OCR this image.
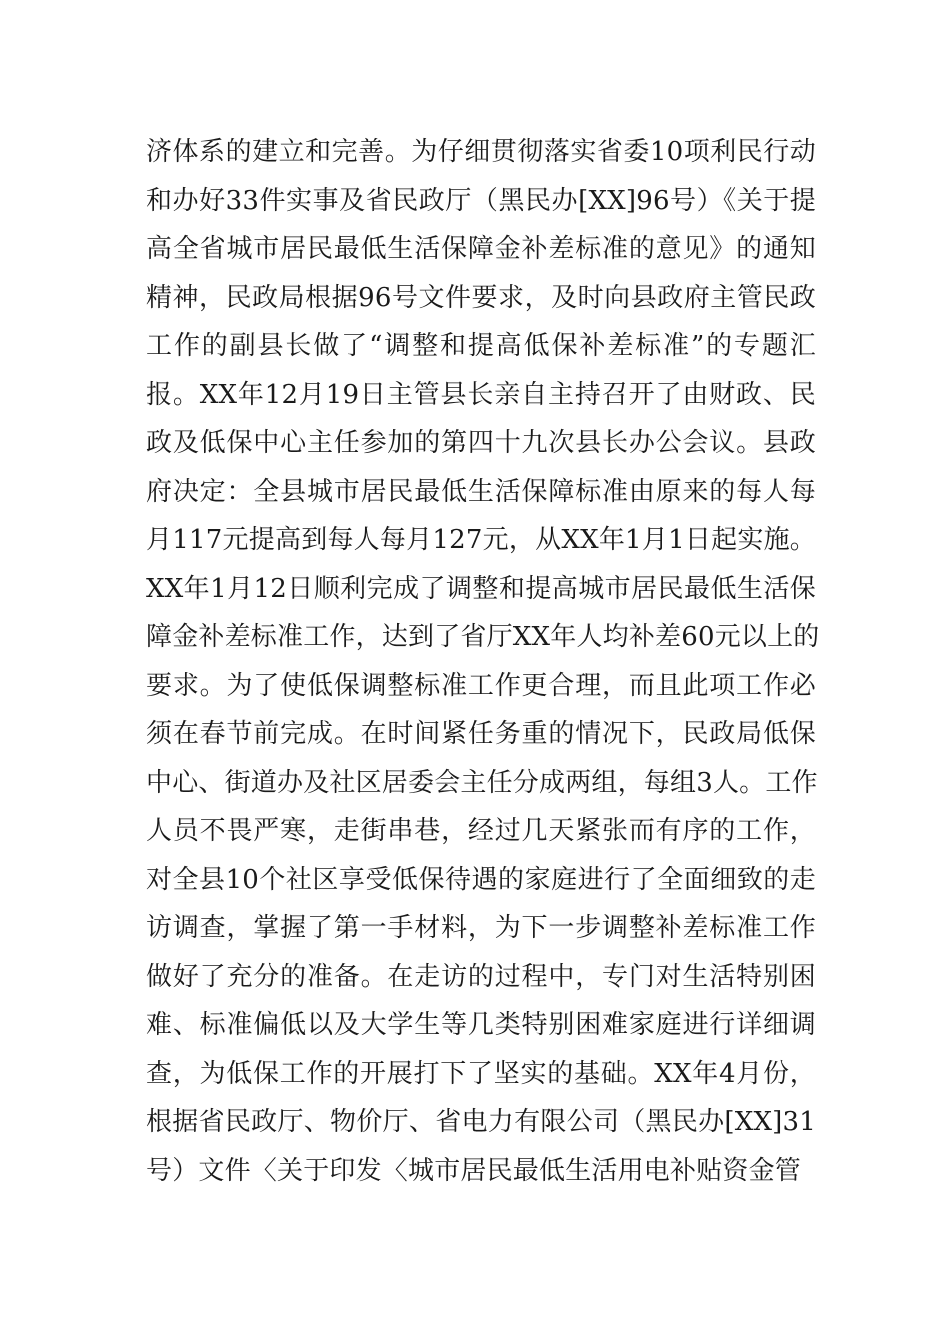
济体系的建立和完善。为仔细贯彻落实省委10项利民行动
和办好33件实事及省民政厅（黑民办[XX]96号）《关于提
高全省城市居民最低生活保障金补差标准的意见》的通知
精神，民政局根据96号文件要求，及时向县政府主管民政
工作的副县长做了“调整和提高低保补差标准”的专题汇
报。XX年12月19日主管县长亲自主持召开了由财政、民
政及低保中心主任参加的第四十九次县长办公会议。县政
府决定：全县城市居民最低生活保障标准由原来的每人每
月117元提高到每人每月127元，从XX年1月1日起实施。
XX年1月12日顺利完成了调整和提高城市居民最低生活保
障金补差标准工作，达到了省厅XX年人均补差60元以上的
要求。为了使低保调整标准工作更合理，而且此项工作必
须在春节前完成。在时间紧任务重的情况下，民政局低保
中心、街道办及社区居委会主任分成两组，每组3人。工作
人员不畏严寒，走街串巷，经过几天紧张而有序的工作，
对全县10个社区享受低保待遇的家庭进行了全面细致的走
访调查，掌握了第一手材料，为下一步调整补差标准工作
做好了充分的准备。在走访的过程中，专门对生活特别困
难、标准偏低以及大学生等几类特别困难家庭进行详细调
查，为低保工作的开展打下了坚实的基础。XX年4月份，
根据省民政厅、物价厅、省电力有限公司（黑民办[XX]31
号）文件〈关于印发〈城市居民最低生活用电补贴资金管
